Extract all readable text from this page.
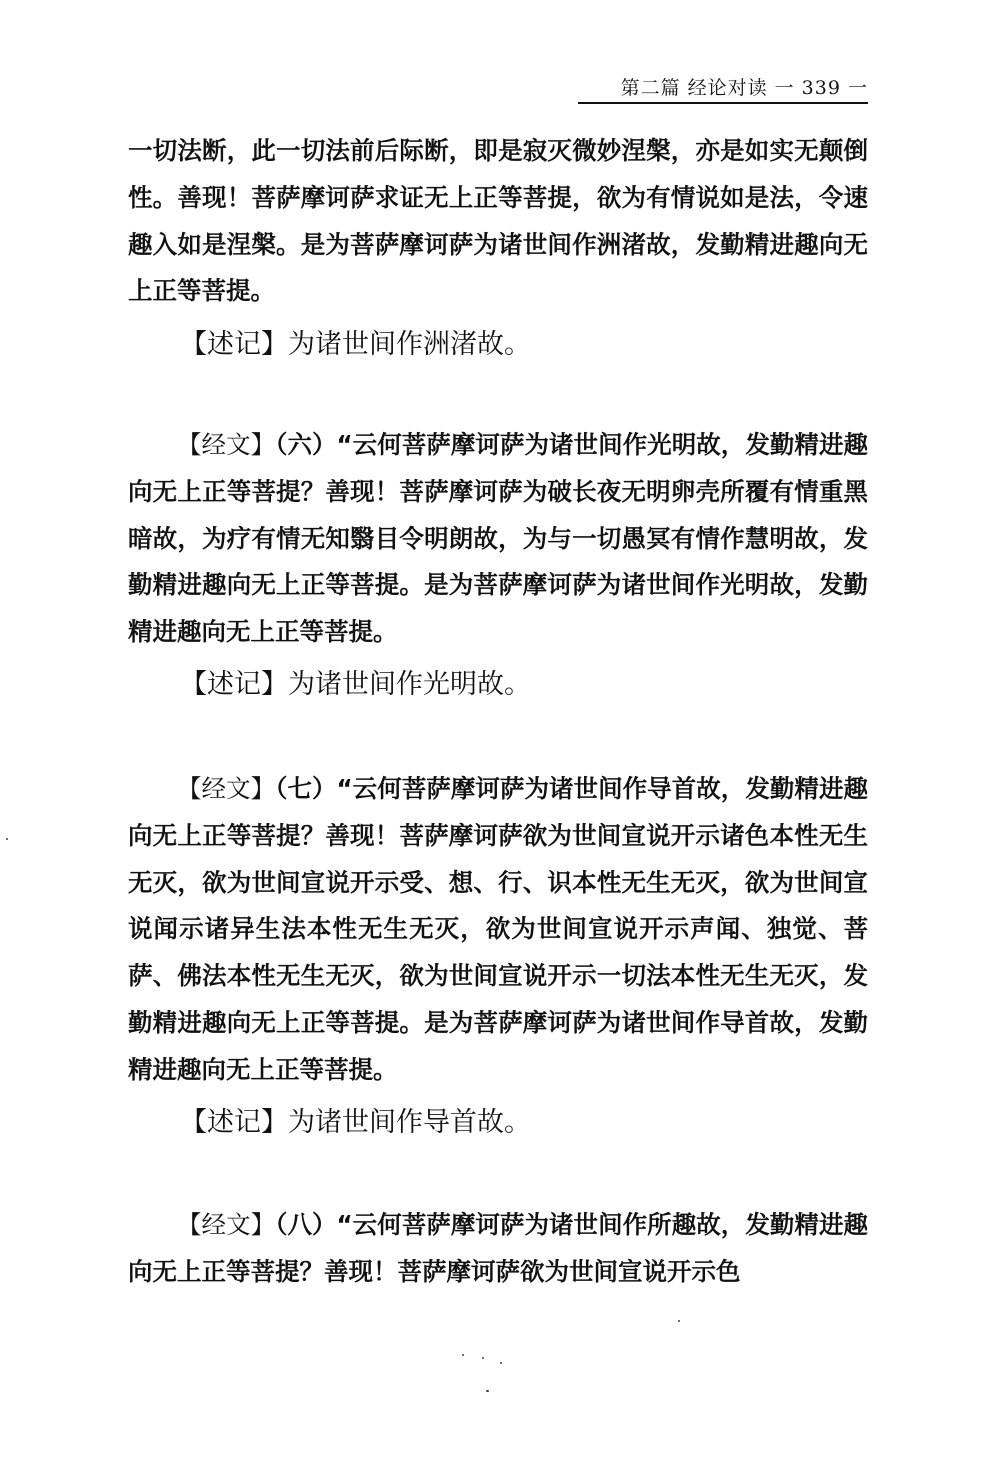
第二篇 经论对读 一 339 一
一切法断，此一切法前后际断，即是寂灭微妙涅槃，亦是如实无颠倒性。善现！菩萨摩诃萨求证无上正等菩提，欲为有情说如是法，令速趣入如是涅槃。是为菩萨摩诃萨为诸世间作洲渚故，发勤精进趣向无上正等菩提。
【述记】为诸世间作洲渚故。
【经文】（六）“云何菩萨摩诃萨为诸世间作光明故，发勤精进趣向无上正等菩提？善现！菩萨摩诃萨为破长夜无明卵壳所覆有情重黑暗故，为疗有情无知翳目令明朗故，为与一切愚冥有情作慧明故，发勤精进趣向无上正等菩提。是为菩萨摩诃萨为诸世间作光明故，发勤精进趣向无上正等菩提。
【述记】为诸世间作光明故。
【经文】（七）“云何菩萨摩诃萨为诸世间作导首故，发勤精进趣向无上正等菩提？善现！菩萨摩诃萨欲为世间宣说开示诸色本性无生无灭，欲为世间宣说开示受、想、行、识本性无生无灭，欲为世间宣说闻示诸异生法本性无生无灭，欲为世间宣说开示声闻、独觉、菩萨、佛法本性无生无灭，欲为世间宣说开示一切法本性无生无灭，发勤精进趣向无上正等菩提。是为菩萨摩诃萨为诸世间作导首故，发勤精进趣向无上正等菩提。
【述记】为诸世间作导首故。
【经文】（八）“云何菩萨摩诃萨为诸世间作所趣故，发勤精进趣向无上正等菩提？善现！菩萨摩诃萨欲为世间宣说开示色
